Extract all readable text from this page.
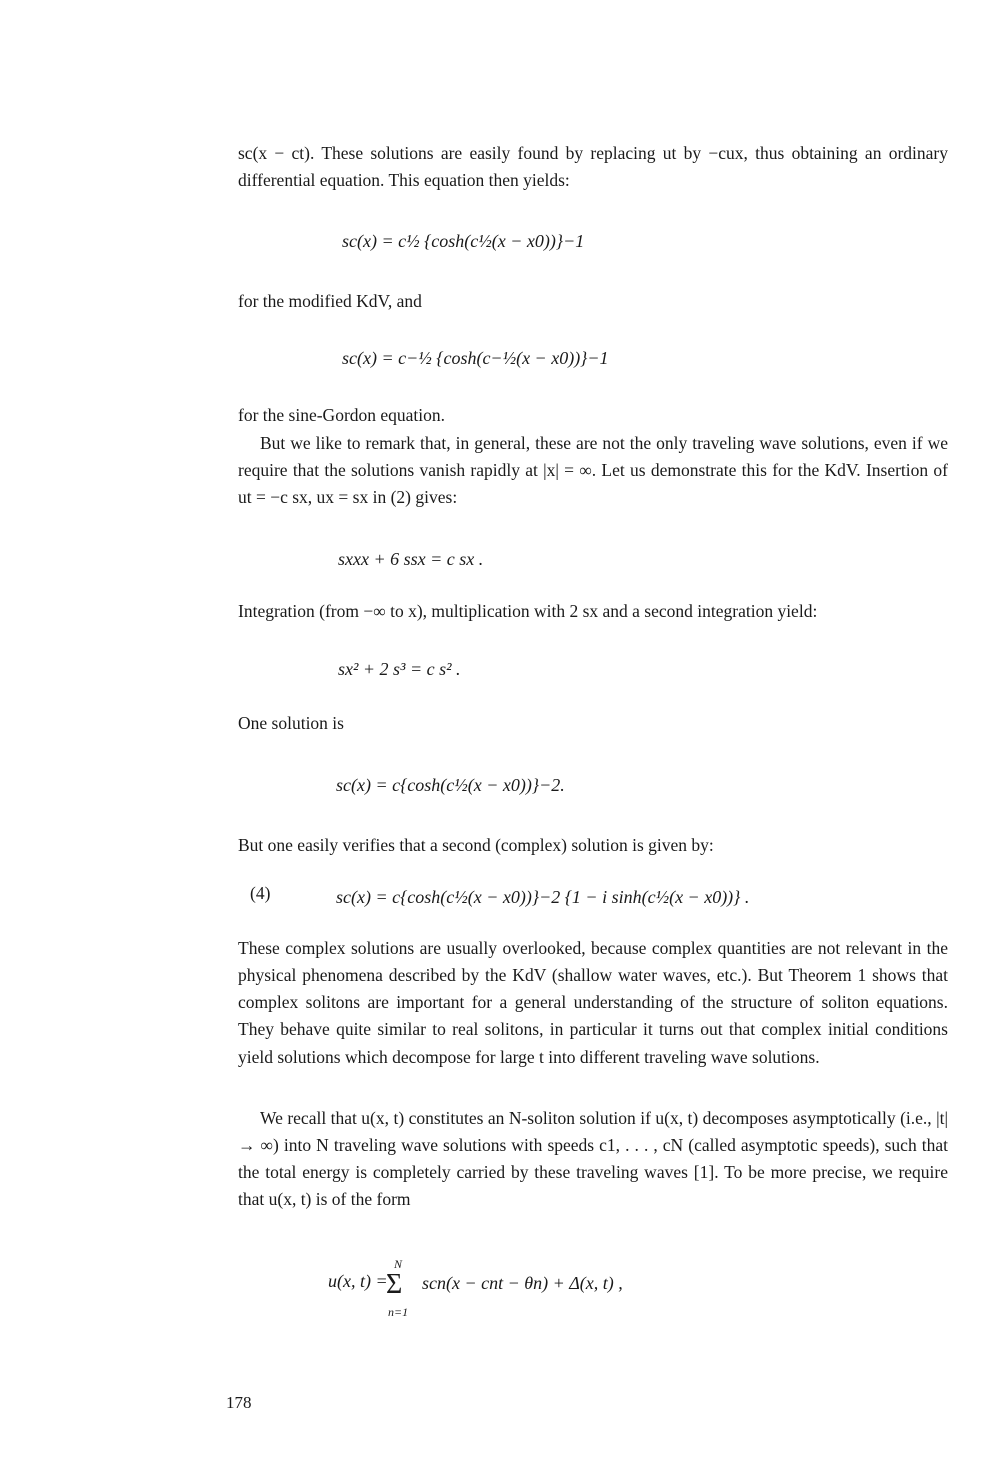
sc(x − ct). These solutions are easily found by replacing ut by −cux, thus obtaining an ordinary differential equation. This equation then yields:

sc(x) = c½ {cosh(c½(x − x0))}−1

for the modified KdV, and

sc(x) = c−½ {cosh(c−½(x − x0))}−1

for the sine-Gordon equation.

But we like to remark that, in general, these are not the only traveling wave solutions, even if we require that the solutions vanish rapidly at |x| = ∞. Let us demonstrate this for the KdV. Insertion of ut = −c sx, ux = sx in (2) gives:

sxxx + 6 ssx = c sx .

Integration (from −∞ to x), multiplication with 2 sx and a second integration yield:

sx² + 2 s³ = c s² .

One solution is

sc(x) = c{cosh(c½(x − x0))}−2.

But one easily verifies that a second (complex) solution is given by:

(4)	sc(x) = c{cosh(c½(x − x0))}−2 {1 − i sinh(c½(x − x0))} .

These complex solutions are usually overlooked, because complex quantities are not relevant in the physical phenomena described by the KdV (shallow water waves, etc.). But Theorem 1 shows that complex solitons are important for a general understanding of the structure of soliton equations. They behave quite similar to real solitons, in particular it turns out that complex initial conditions yield solutions which decompose for large t into different traveling wave solutions.

We recall that u(x, t) constitutes an N-soliton solution if u(x, t) decomposes asymptotically (i.e., |t| → ∞) into N traveling wave solutions with speeds c1, . . . , cN (called asymptotic speeds), such that the total energy is completely carried by these traveling waves [1]. To be more precise, we require that u(x, t) is of the form

u(x, t) =
N
Σ
n=1
scn(x − cnt − θn) + Δ(x, t) ,
178
